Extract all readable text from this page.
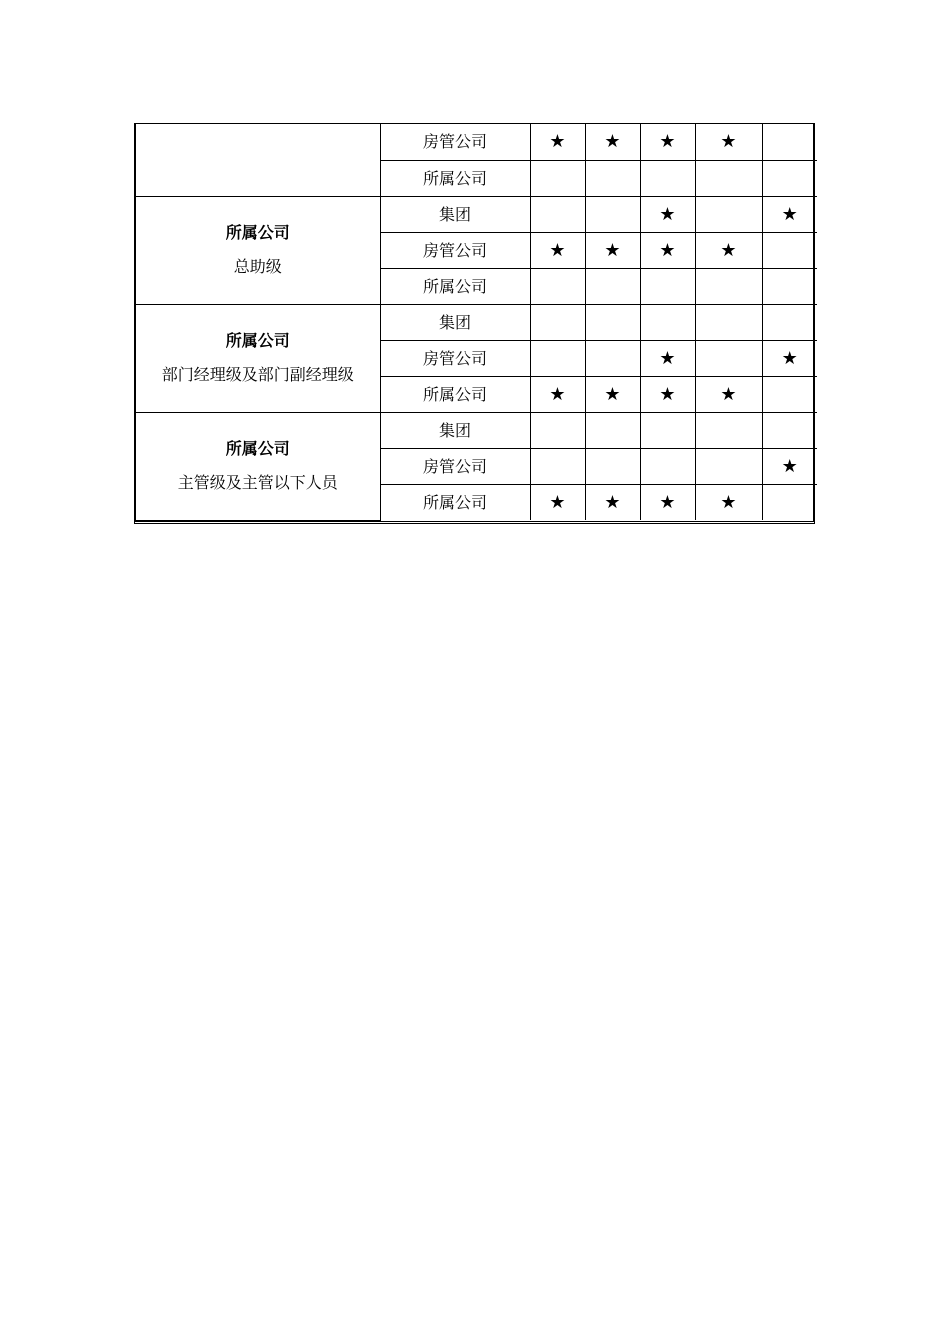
	房管公司	★	★	★	★	
	所属公司					

所属公司
总助级	集团			★		★
	房管公司	★	★	★	★	
	所属公司					

所属公司
部门经理级及部门副经理级	集团					
	房管公司			★		★
	所属公司	★	★	★	★	

所属公司
主管级及主管以下人员	集团					
	房管公司					★
	所属公司	★	★	★	★	
